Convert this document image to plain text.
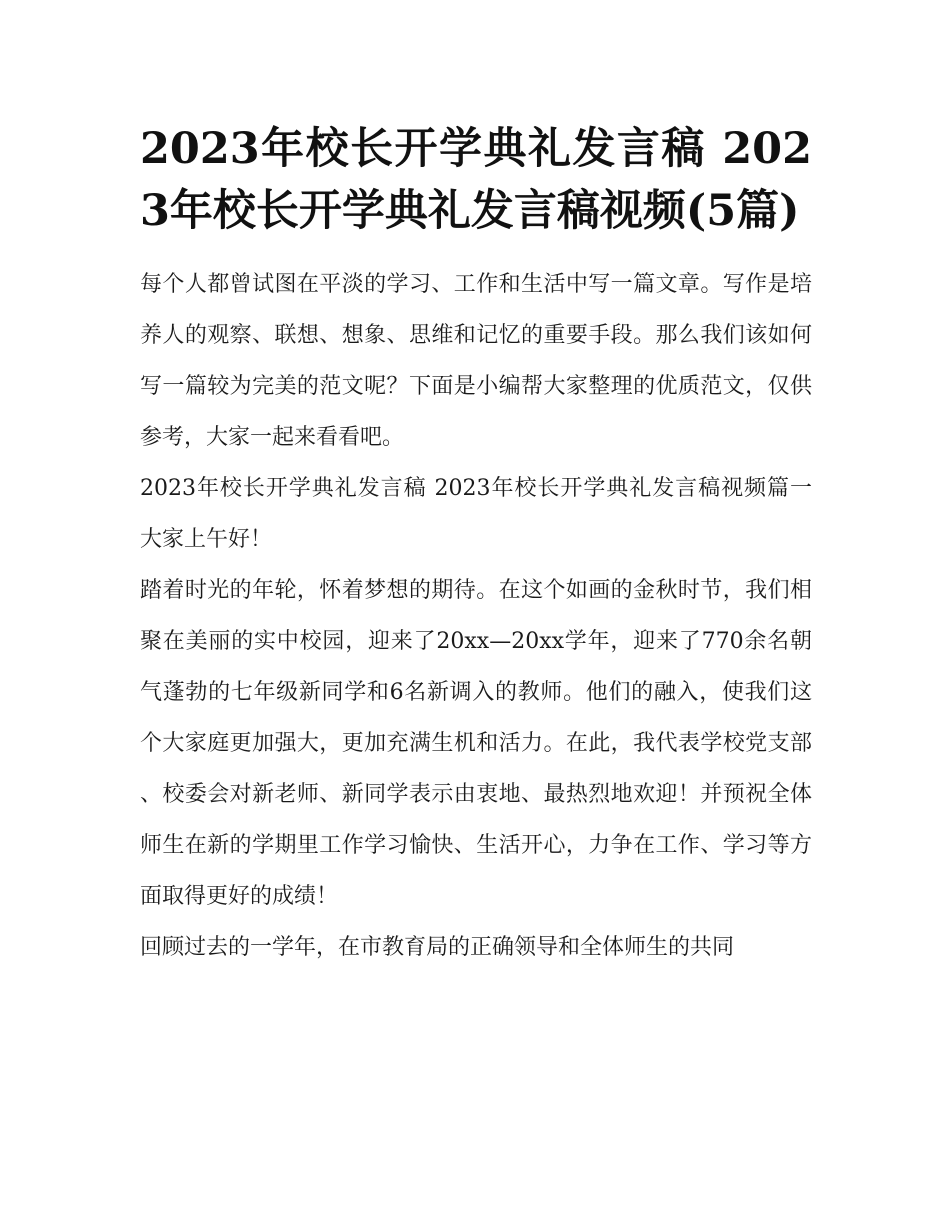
2023年校长开学典礼发言稿 2023年校长开学典礼发言稿视频(5篇)

每个人都曾试图在平淡的学习、工作和生活中写一篇文章。写作是培养人的观察、联想、想象、思维和记忆的重要手段。那么我们该如何写一篇较为完美的范文呢？下面是小编帮大家整理的优质范文，仅供参考，大家一起来看看吧。

2023年校长开学典礼发言稿 2023年校长开学典礼发言稿视频篇一 大家上午好！

踏着时光的年轮，怀着梦想的期待。在这个如画的金秋时节，我们相聚在美丽的实中校园，迎来了20xx—20xx学年，迎来了770余名朝气蓬勃的七年级新同学和6名新调入的教师。他们的融入，使我们这个大家庭更加强大，更加充满生机和活力。在此，我代表学校党支部、校委会对新老师、新同学表示由衷地、最热烈地欢迎！并预祝全体师生在新的学期里工作学习愉快、生活开心，力争在工作、学习等方面取得更好的成绩！

回顾过去的一学年，在市教育局的正确领导和全体师生的共同
